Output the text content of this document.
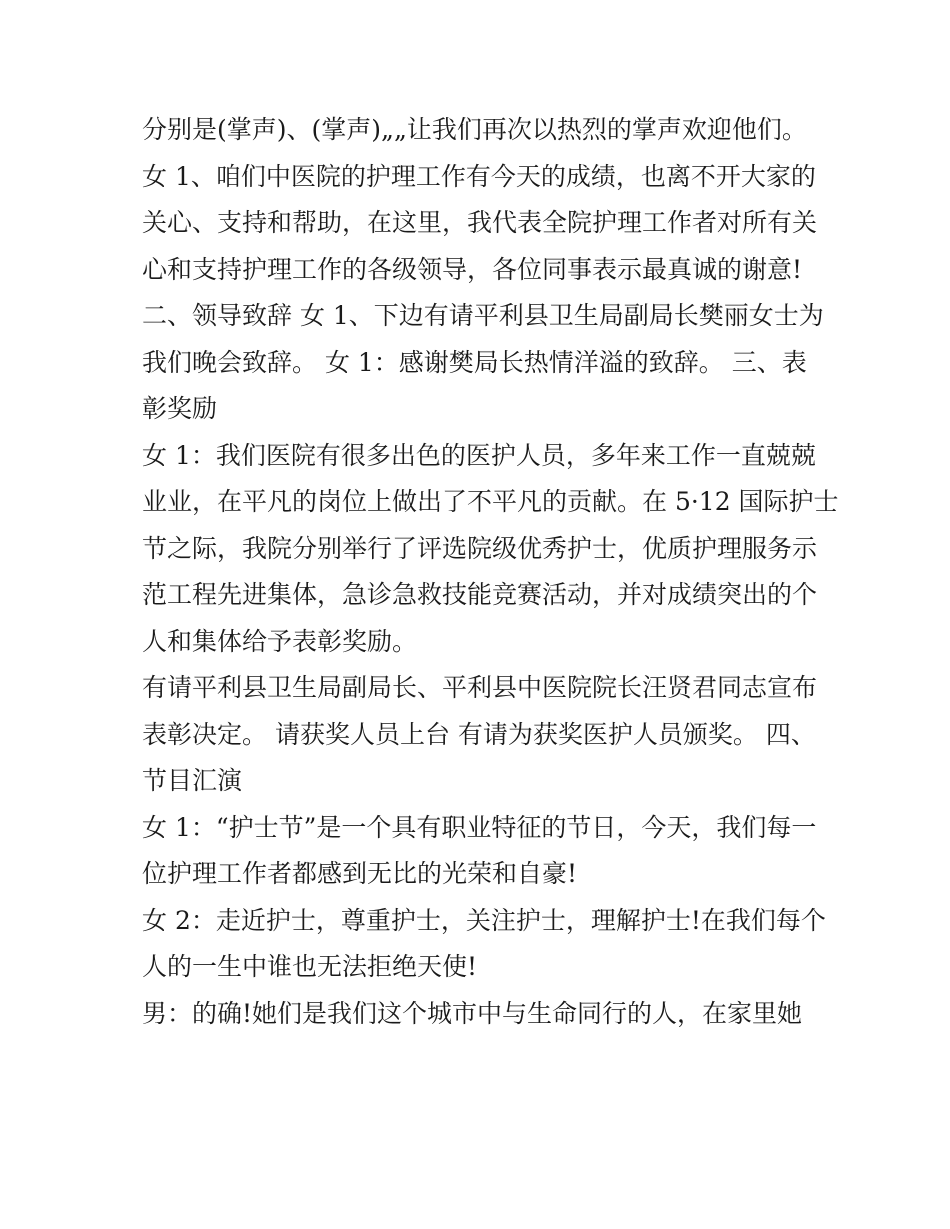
分别是(掌声)、(掌声)„„让我们再次以热烈的掌声欢迎他们。
女 1、咱们中医院的护理工作有今天的成绩，也离不开大家的
关心、支持和帮助，在这里，我代表全院护理工作者对所有关
心和支持护理工作的各级领导，各位同事表示最真诚的谢意!
二、领导致辞 女 1、下边有请平利县卫生局副局长樊丽女士为
我们晚会致辞。 女 1：感谢樊局长热情洋溢的致辞。 三、表
彰奖励
女 1：我们医院有很多出色的医护人员，多年来工作一直兢兢
业业，在平凡的岗位上做出了不平凡的贡献。在 5·12 国际护士
节之际，我院分别举行了评选院级优秀护士，优质护理服务示
范工程先进集体，急诊急救技能竞赛活动，并对成绩突出的个
人和集体给予表彰奖励。
有请平利县卫生局副局长、平利县中医院院长汪贤君同志宣布
表彰决定。 请获奖人员上台 有请为获奖医护人员颁奖。 四、
节目汇演
女 1：“护士节”是一个具有职业特征的节日，今天，我们每一
位护理工作者都感到无比的光荣和自豪!
女 2：走近护士，尊重护士，关注护士，理解护士!在我们每个
人的一生中谁也无法拒绝天使!
男：的确!她们是我们这个城市中与生命同行的人，在家里她
